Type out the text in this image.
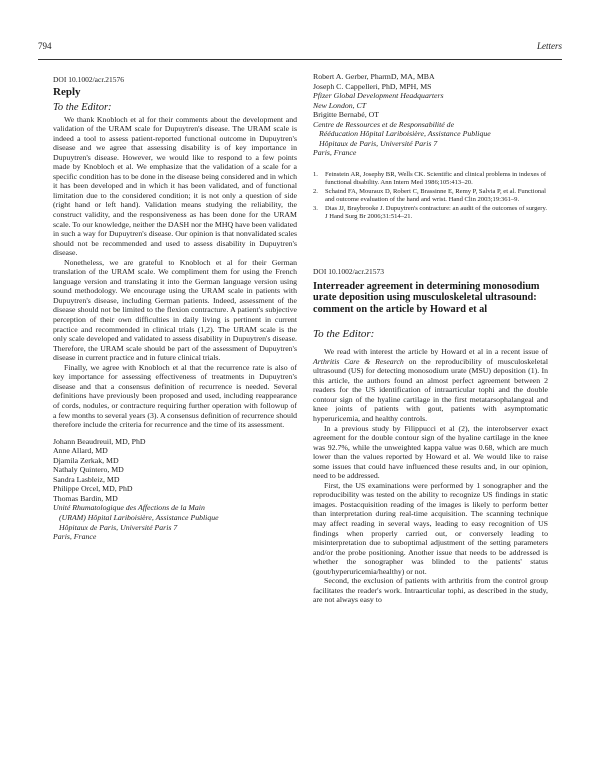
794	Letters

DOI 10.1002/acr.21576

Reply
To the Editor:

We thank Knobloch et al for their comments about the development and validation of the URAM scale for Dupuytren's disease. The URAM scale is indeed a tool to assess patient-reported functional outcome in Dupuytren's disease and we agree that assessing disability is of key importance in Dupuytren's disease. However, we would like to respond to a few points made by Knobloch et al. We emphasize that the validation of a scale for a specific condition has to be done in the disease being considered and in which it has been developed and in which it has been validated, and of functional limitation due to the considered condition; it is not only a question of side (right hand or left hand). Validation means studying the reliability, the construct validity, and the responsiveness as has been done for the URAM scale. To our knowledge, neither the DASH nor the MHQ have been validated in such a way for Dupuytren's disease. Our opinion is that nonvalidated scales should not be recommended and used to assess disability in Dupuytren's disease.

Nonetheless, we are grateful to Knobloch et al for their German translation of the URAM scale. We compliment them for using the French language version and translating it into the German language version using sound methodology. We encourage using the URAM scale in patients with Dupuytren's disease, including German patients. Indeed, assessment of the disease should not be limited to the flexion contracture. A patient's subjective perception of their own difficulties in daily living is pertinent in current practice and recommended in clinical trials (1,2). The URAM scale is the only scale developed and validated to assess disability in Dupuytren's disease. Therefore, the URAM scale should be part of the assessment of Dupuytren's disease in current practice and in future clinical trials.

Finally, we agree with Knobloch et al that the recurrence rate is also of key importance for assessing effectiveness of treatments in Dupuytren's disease and that a consensus definition of recurrence is needed. Several definitions have previously been proposed and used, including reappearance of cords, nodules, or contracture requiring further operation with followup of a few months to several years (3). A consensus definition of recurrence should therefore include the criteria for recurrence and the time of its assessment.

Johann Beaudreuil, MD, PhD

Anne Allard, MD

Djamila Zerkak, MD

Nathaly Quintero, MD

Sandra Lasbleiz, MD

Philippe Orcel, MD, PhD

Thomas Bardin, MD

Unité Rhumatologique des Affections de la Main

(URAM) Hôpital Lariboisière, Assistance Publique

Hôpitaux de Paris, Université Paris 7

Paris, France

Robert A. Gerber, PharmD, MA, MBA

Joseph C. Cappelleri, PhD, MPH, MS

Pfizer Global Development Headquarters

New London, CT

Brigitte Bernabé, OT

Centre de Ressources et de Responsabilité de

Rééducation Hôpital Lariboisière, Assistance Publique

Hôpitaux de Paris, Université Paris 7

Paris, France

1. Feinstein AR, Josephy BR, Wells CK. Scientific and clinical problems in indexes of functional disability. Ann Intern Med 1986;105:413–20.
2. Schaind FA, Mouraux D, Robert C, Brassinne E, Remy P, Salvia P, et al. Functional and outcome evaluation of the hand and wrist. Hand Clin 2003;19:361–9.
3. Dias JJ, Braybrooke J. Dupuytren's contracture: an audit of the outcomes of surgery. J Hand Surg Br 2006;31:514–21.

DOI 10.1002/acr.21573

Interreader agreement in determining monosodium urate deposition using musculoskeletal ultrasound: comment on the article by Howard et al
To the Editor:

We read with interest the article by Howard et al in a recent issue of Arthritis Care & Research on the reproducibility of musculoskeletal ultrasound (US) for detecting monosodium urate (MSU) deposition (1). In this article, the authors found an almost perfect agreement between 2 readers for the US identification of intraarticular tophi and the double contour sign of the hyaline cartilage in the first metatarsophalangeal and knee joints of patients with gout, patients with asymptomatic hyperuricemia, and healthy controls.

In a previous study by Filippucci et al (2), the interobserver exact agreement for the double contour sign of the hyaline cartilage in the knee was 92.7%, while the unweighted kappa value was 0.68, which are much lower than the values reported by Howard et al. We would like to raise some issues that could have influenced these results and, in our opinion, need to be addressed.

First, the US examinations were performed by 1 sonographer and the reproducibility was tested on the ability to recognize US findings in static images. Postacquisition reading of the images is likely to perform better than interpretation during real-time acquisition. The scanning technique may affect reading in several ways, leading to easy recognition of US findings when properly carried out, or conversely leading to misinterpretation due to suboptimal adjustment of the setting parameters and/or the probe positioning. Another issue that needs to be addressed is whether the sonographer was blinded to the patients' status (gout/hyperuricemia/healthy) or not.

Second, the exclusion of patients with arthritis from the control group facilitates the reader's work. Intraarticular tophi, as described in the study, are not always easy to
